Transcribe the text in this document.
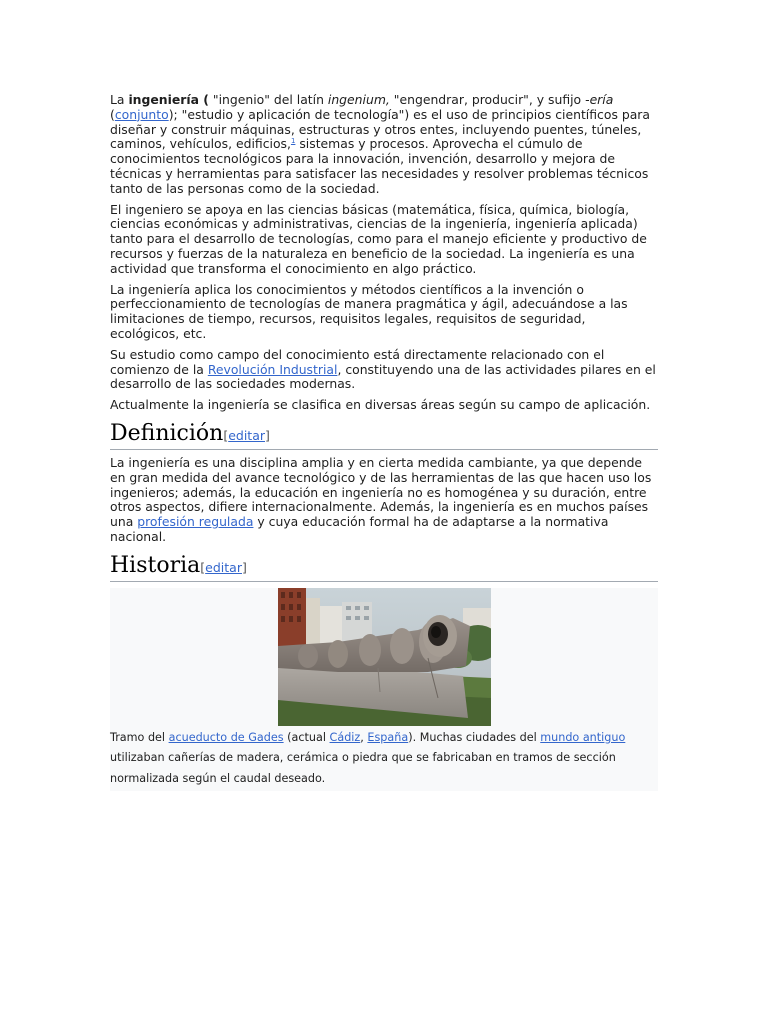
La ingeniería ( "ingenio" del latín ingenium, "engendrar, producir", y sufijo -ería (conjunto); "estudio y aplicación de tecnología") es el uso de principios científicos para diseñar y construir máquinas, estructuras y otros entes, incluyendo puentes, túneles, caminos, vehículos, edificios,$^1$ sistemas y procesos. Aprovecha el cúmulo de conocimientos tecnológicos para la innovación, invención, desarrollo y mejora de técnicas y herramientas para satisfacer las necesidades y resolver problemas técnicos tanto de las personas como de la sociedad.

El ingeniero se apoya en las ciencias básicas (matemática, física, química, biología, ciencias económicas y administrativas, ciencias de la ingeniería, ingeniería aplicada) tanto para el desarrollo de tecnologías, como para el manejo eficiente y productivo de recursos y fuerzas de la naturaleza en beneficio de la sociedad. La ingeniería es una actividad que transforma el conocimiento en algo práctico.

La ingeniería aplica los conocimientos y métodos científicos a la invención o perfeccionamiento de tecnologías de manera pragmática y ágil, adecuándose a las limitaciones de tiempo, recursos, requisitos legales, requisitos de seguridad, ecológicos, etc.

Su estudio como campo del conocimiento está directamente relacionado con el comienzo de la Revolución Industrial, constituyendo una de las actividades pilares en el desarrollo de las sociedades modernas.

Actualmente la ingeniería se clasifica en diversas áreas según su campo de aplicación.

Definición[editar]

La ingeniería es una disciplina amplia y en cierta medida cambiante, ya que depende en gran medida del avance tecnológico y de las herramientas de las que hacen uso los ingenieros; además, la educación en ingeniería no es homogénea y su duración, entre otros aspectos, difiere internacionalmente. Además, la ingeniería es en muchos países una profesión regulada y cuya educación formal ha de adaptarse a la normativa nacional.

Historia[editar]

Tramo del acueducto de Gades (actual Cádiz, España). Muchas ciudades del mundo antiguo utilizaban cañerías de madera, cerámica o piedra que se fabricaban en tramos de sección normalizada según el caudal deseado.
